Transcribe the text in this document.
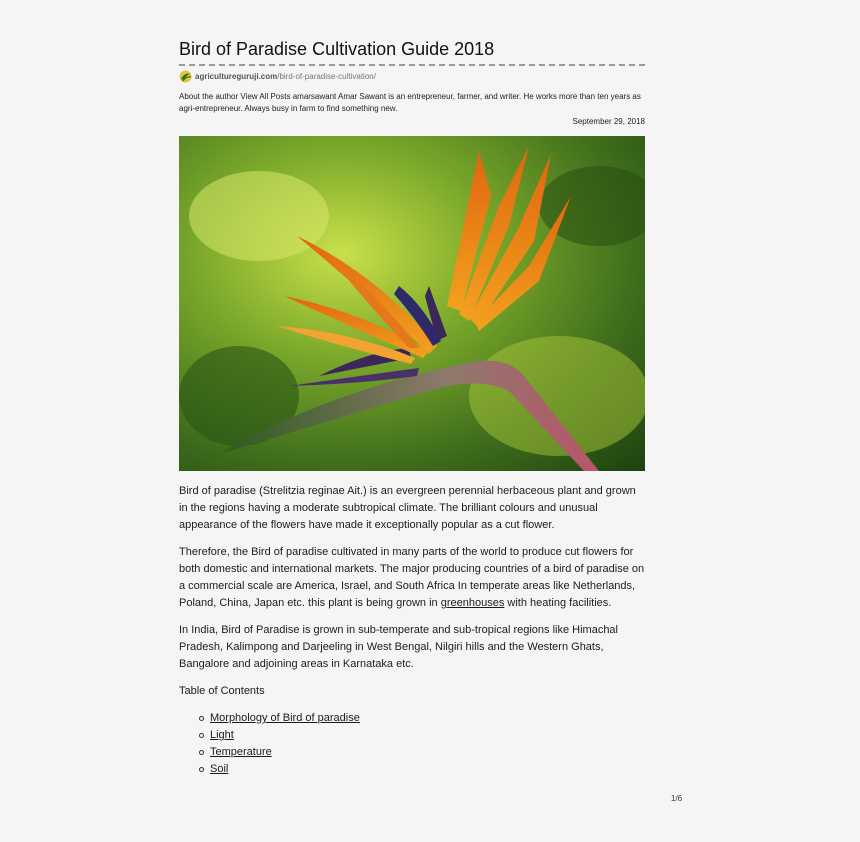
Bird of Paradise Cultivation Guide 2018
agricultureguruji.com /bird-of-paradise-cultivation/
About the author View All Posts amarsawant Amar Sawant is an entrepreneur, farmer, and writer. He works more than ten years as agri-entrepreneur. Always busy in farm to find something new.
September 29, 2018

Bird of paradise (Strelitzia reginae Ait.) is an evergreen perennial herbaceous plant and grown in the regions having a moderate subtropical climate. The brilliant colours and unusual appearance of the flowers have made it exceptionally popular as a cut flower.

Therefore, the Bird of paradise cultivated in many parts of the world to produce cut flowers for both domestic and international markets. The major producing countries of a bird of paradise on a commercial scale are America, Israel, and South Africa In temperate areas like Netherlands, Poland, China, Japan etc. this plant is being grown in greenhouses with heating facilities.

In India, Bird of Paradise is grown in sub-temperate and sub-tropical regions like Himachal Pradesh, Kalimpong and Darjeeling in West Bengal, Nilgiri hills and the Western Ghats, Bangalore and adjoining areas in Karnataka etc.

Table of Contents

Morphology of Bird of paradise
Light
Temperature
Soil
1/6
